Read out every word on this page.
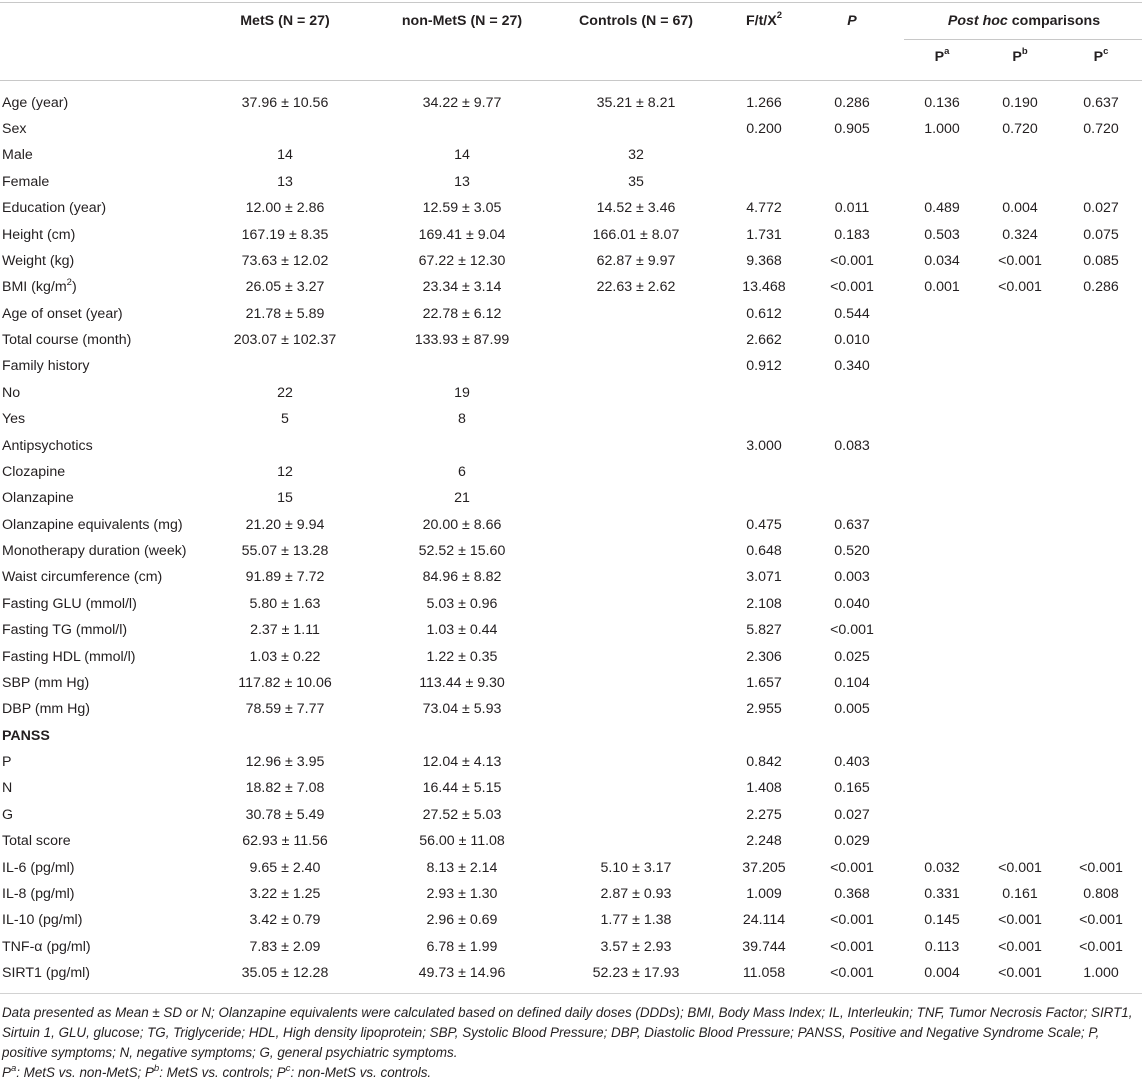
MetS (N = 27)	non-MetS (N = 27)	Controls (N = 67)	$F/t/X^2$	P	Post hoc comparisons
$P^a$	$P^b$	$P^c$
Age (year)	37.96 ± 10.56		34.22 ± 9.77		35.21 ± 8.21		1.266		0.286		0.136	0.190	0.637
Sex							0.200		0.905		1.000	0.720	0.720
Male	14		14		32								
Female	13		13		35								
Education (year)	12.00 ± 2.86		12.59 ± 3.05		14.52 ± 3.46		4.772		0.011		0.489	0.004	0.027
Height (cm)	167.19 ± 8.35		169.41 ± 9.04		166.01 ± 8.07		1.731		0.183		0.503	0.324	0.075
Weight (kg)	73.63 ± 12.02		67.22 ± 12.30		62.87 ± 9.97		9.368		<0.001		0.034	<0.001	0.085
BMI $(kg/m^2)$	26.05 ± 3.27		23.34 ± 3.14		22.63 ± 2.62		13.468		<0.001		0.001	<0.001	0.286
Age of onset (year)	21.78 ± 5.89		22.78 ± 6.12				0.612		0.544				
Total course (month)	203.07 ± 102.37		133.93 ± 87.99				2.662		0.010				
Family history							0.912		0.340				
No	22		19										
Yes	5		8										
Antipsychotics							3.000		0.083				
Clozapine	12		6										
Olanzapine	15		21										
Olanzapine equivalents (mg)	21.20 ± 9.94		20.00 ± 8.66				0.475		0.637				
Monotherapy duration (week)	55.07 ± 13.28		52.52 ± 15.60				0.648		0.520				
Waist circumference (cm)	91.89 ± 7.72		84.96 ± 8.82				3.071		0.003				
Fasting GLU (mmol/l)	5.80 ± 1.63		5.03 ± 0.96				2.108		0.040				
Fasting TG (mmol/l)	2.37 ± 1.11		1.03 ± 0.44				5.827		<0.001				
Fasting HDL (mmol/l)	1.03 ± 0.22		1.22 ± 0.35				2.306		0.025				
SBP (mm Hg)	117.82 ± 10.06		113.44 ± 9.30				1.657		0.104				
DBP (mm Hg)	78.59 ± 7.77		73.04 ± 5.93				2.955		0.005				
PANSS													
P	12.96 ± 3.95		12.04 ± 4.13				0.842		0.403				
N	18.82 ± 7.08		16.44 ± 5.15				1.408		0.165				
G	30.78 ± 5.49		27.52 ± 5.03				2.275		0.027				
Total score	62.93 ± 11.56		56.00 ± 11.08				2.248		0.029				
IL-6 (pg/ml)	9.65 ± 2.40		8.13 ± 2.14		5.10 ± 3.17		37.205		<0.001		0.032	<0.001	<0.001
IL-8 (pg/ml)	3.22 ± 1.25		2.93 ± 1.30		2.87 ± 0.93		1.009		0.368		0.331	0.161	0.808
IL-10 (pg/ml)	3.42 ± 0.79		2.96 ± 0.69		1.77 ± 1.38		24.114		<0.001		0.145	<0.001	<0.001
TNF-α (pg/ml)	7.83 ± 2.09		6.78 ± 1.99		3.57 ± 2.93		39.744		<0.001		0.113	<0.001	<0.001
SIRT1 (pg/ml)	35.05 ± 12.28		49.73 ± 14.96		52.23 ± 17.93		11.058		<0.001		0.004	<0.001	1.000

Data presented as Mean ± SD or N; Olanzapine equivalents were calculated based on defined daily doses (DDDs); BMI, Body Mass Index; IL, Interleukin; TNF, Tumor Necrosis Factor; SIRT1, Sirtuin 1, GLU, glucose; TG, Triglyceride; HDL, High density lipoprotein; SBP, Systolic Blood Pressure; DBP, Diastolic Blood Pressure; PANSS, Positive and Negative Syndrome Scale; P, positive symptoms; N, negative symptoms; G, general psychiatric symptoms.

$P^a$: MetS vs. non-MetS; $P^b$: MetS vs. controls; $P^c$: non-MetS vs. controls.
